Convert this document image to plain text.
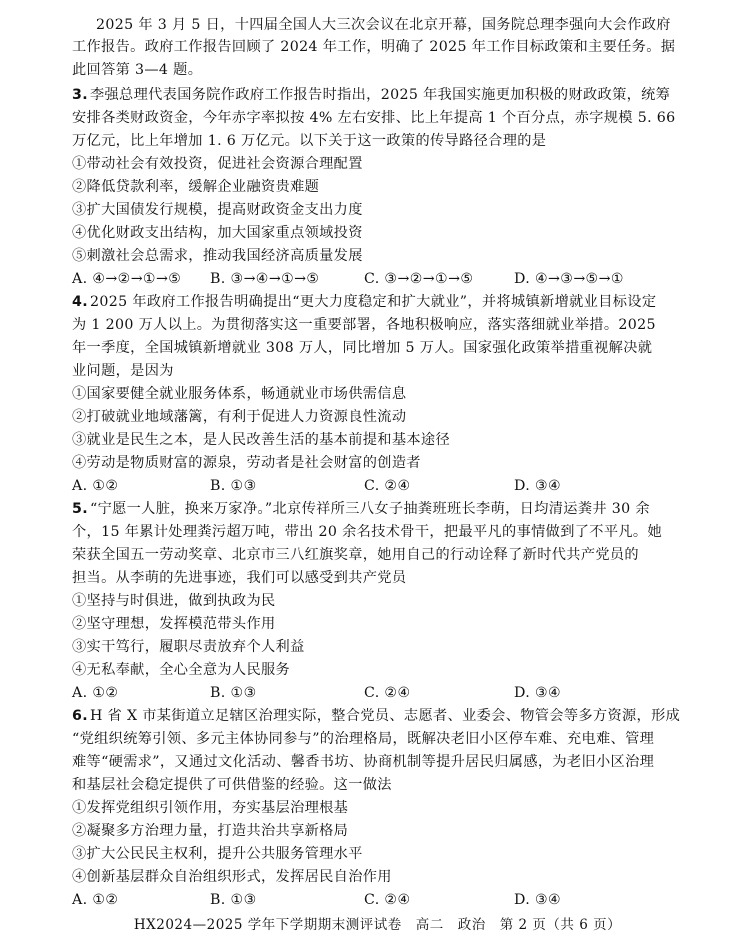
2025 年 3 月 5 日，十四届全国人大三次会议在北京开幕，国务院总理李强向大会作政府
工作报告。政府工作报告回顾了 2024 年工作，明确了 2025 年工作目标政策和主要任务。据
此回答第 3—4 题。
3. 李强总理代表国务院作政府工作报告时指出，2025 年我国实施更加积极的财政政策，统筹
安排各类财政资金，今年赤字率拟按 4% 左右安排、比上年提高 1 个百分点，赤字规模 5. 66
万亿元，比上年增加 1. 6 万亿元。以下关于这一政策的传导路径合理的是
①带动社会有效投资，促进社会资源合理配置
②降低贷款利率，缓解企业融资贵难题
③扩大国债发行规模，提高财政资金支出力度
④优化财政支出结构，加大国家重点领域投资
⑤刺激社会总需求，推动我国经济高质量发展
A. ④→②→①→⑤ B. ③→④→①→⑤	C. ③→②→①→⑤	D. ④→③→⑤→①
4. 2025 年政府工作报告明确提出“更大力度稳定和扩大就业”，并将城镇新增就业目标设定
为 1 200 万人以上。为贯彻落实这一重要部署，各地积极响应，落实落细就业举措。2025
年一季度，全国城镇新增就业 308 万人，同比增加 5 万人。国家强化政策举措重视解决就
业问题，是因为
①国家要健全就业服务体系，畅通就业市场供需信息
②打破就业地域藩篱，有利于促进人力资源良性流动
③就业是民生之本，是人民改善生活的基本前提和基本途径
④劳动是物质财富的源泉，劳动者是社会财富的创造者
A. ①②	B. ①③	C. ②④	D. ③④
5. “宁愿一人脏，换来万家净。”北京传祥所三八女子抽粪班班长李萌，日均清运粪井 30 余
个，15 年累计处理粪污超万吨，带出 20 余名技术骨干，把最平凡的事情做到了不平凡。她
荣获全国五一劳动奖章、北京市三八红旗奖章，她用自己的行动诠释了新时代共产党员的
担当。从李萌的先进事迹，我们可以感受到共产党员
①坚持与时俱进，做到执政为民
②坚守理想，发挥模范带头作用
③实干笃行，履职尽责放弃个人利益
④无私奉献，全心全意为人民服务
A. ①②	B. ①③	C. ②④	D. ③④
6. H 省 X 市某街道立足辖区治理实际，整合党员、志愿者、业委会、物管会等多方资源，形成
“党组织统筹引领、多元主体协同参与”的治理格局，既解决老旧小区停车难、充电难、管理
难等“硬需求”，又通过文化活动、馨香书坊、协商机制等提升居民归属感，为老旧小区治理
和基层社会稳定提供了可供借鉴的经验。这一做法
①发挥党组织引领作用，夯实基层治理根基
②凝聚多方治理力量，打造共治共享新格局
③扩大公民民主权利，提升公共服务管理水平
④创新基层群众自治组织形式，发挥居民自治作用
A. ①②	B. ①③	C. ②④	D. ③④
HX2024—2025 学年下学期期末测评试卷　高二　政治　第 2 页（共 6 页）
